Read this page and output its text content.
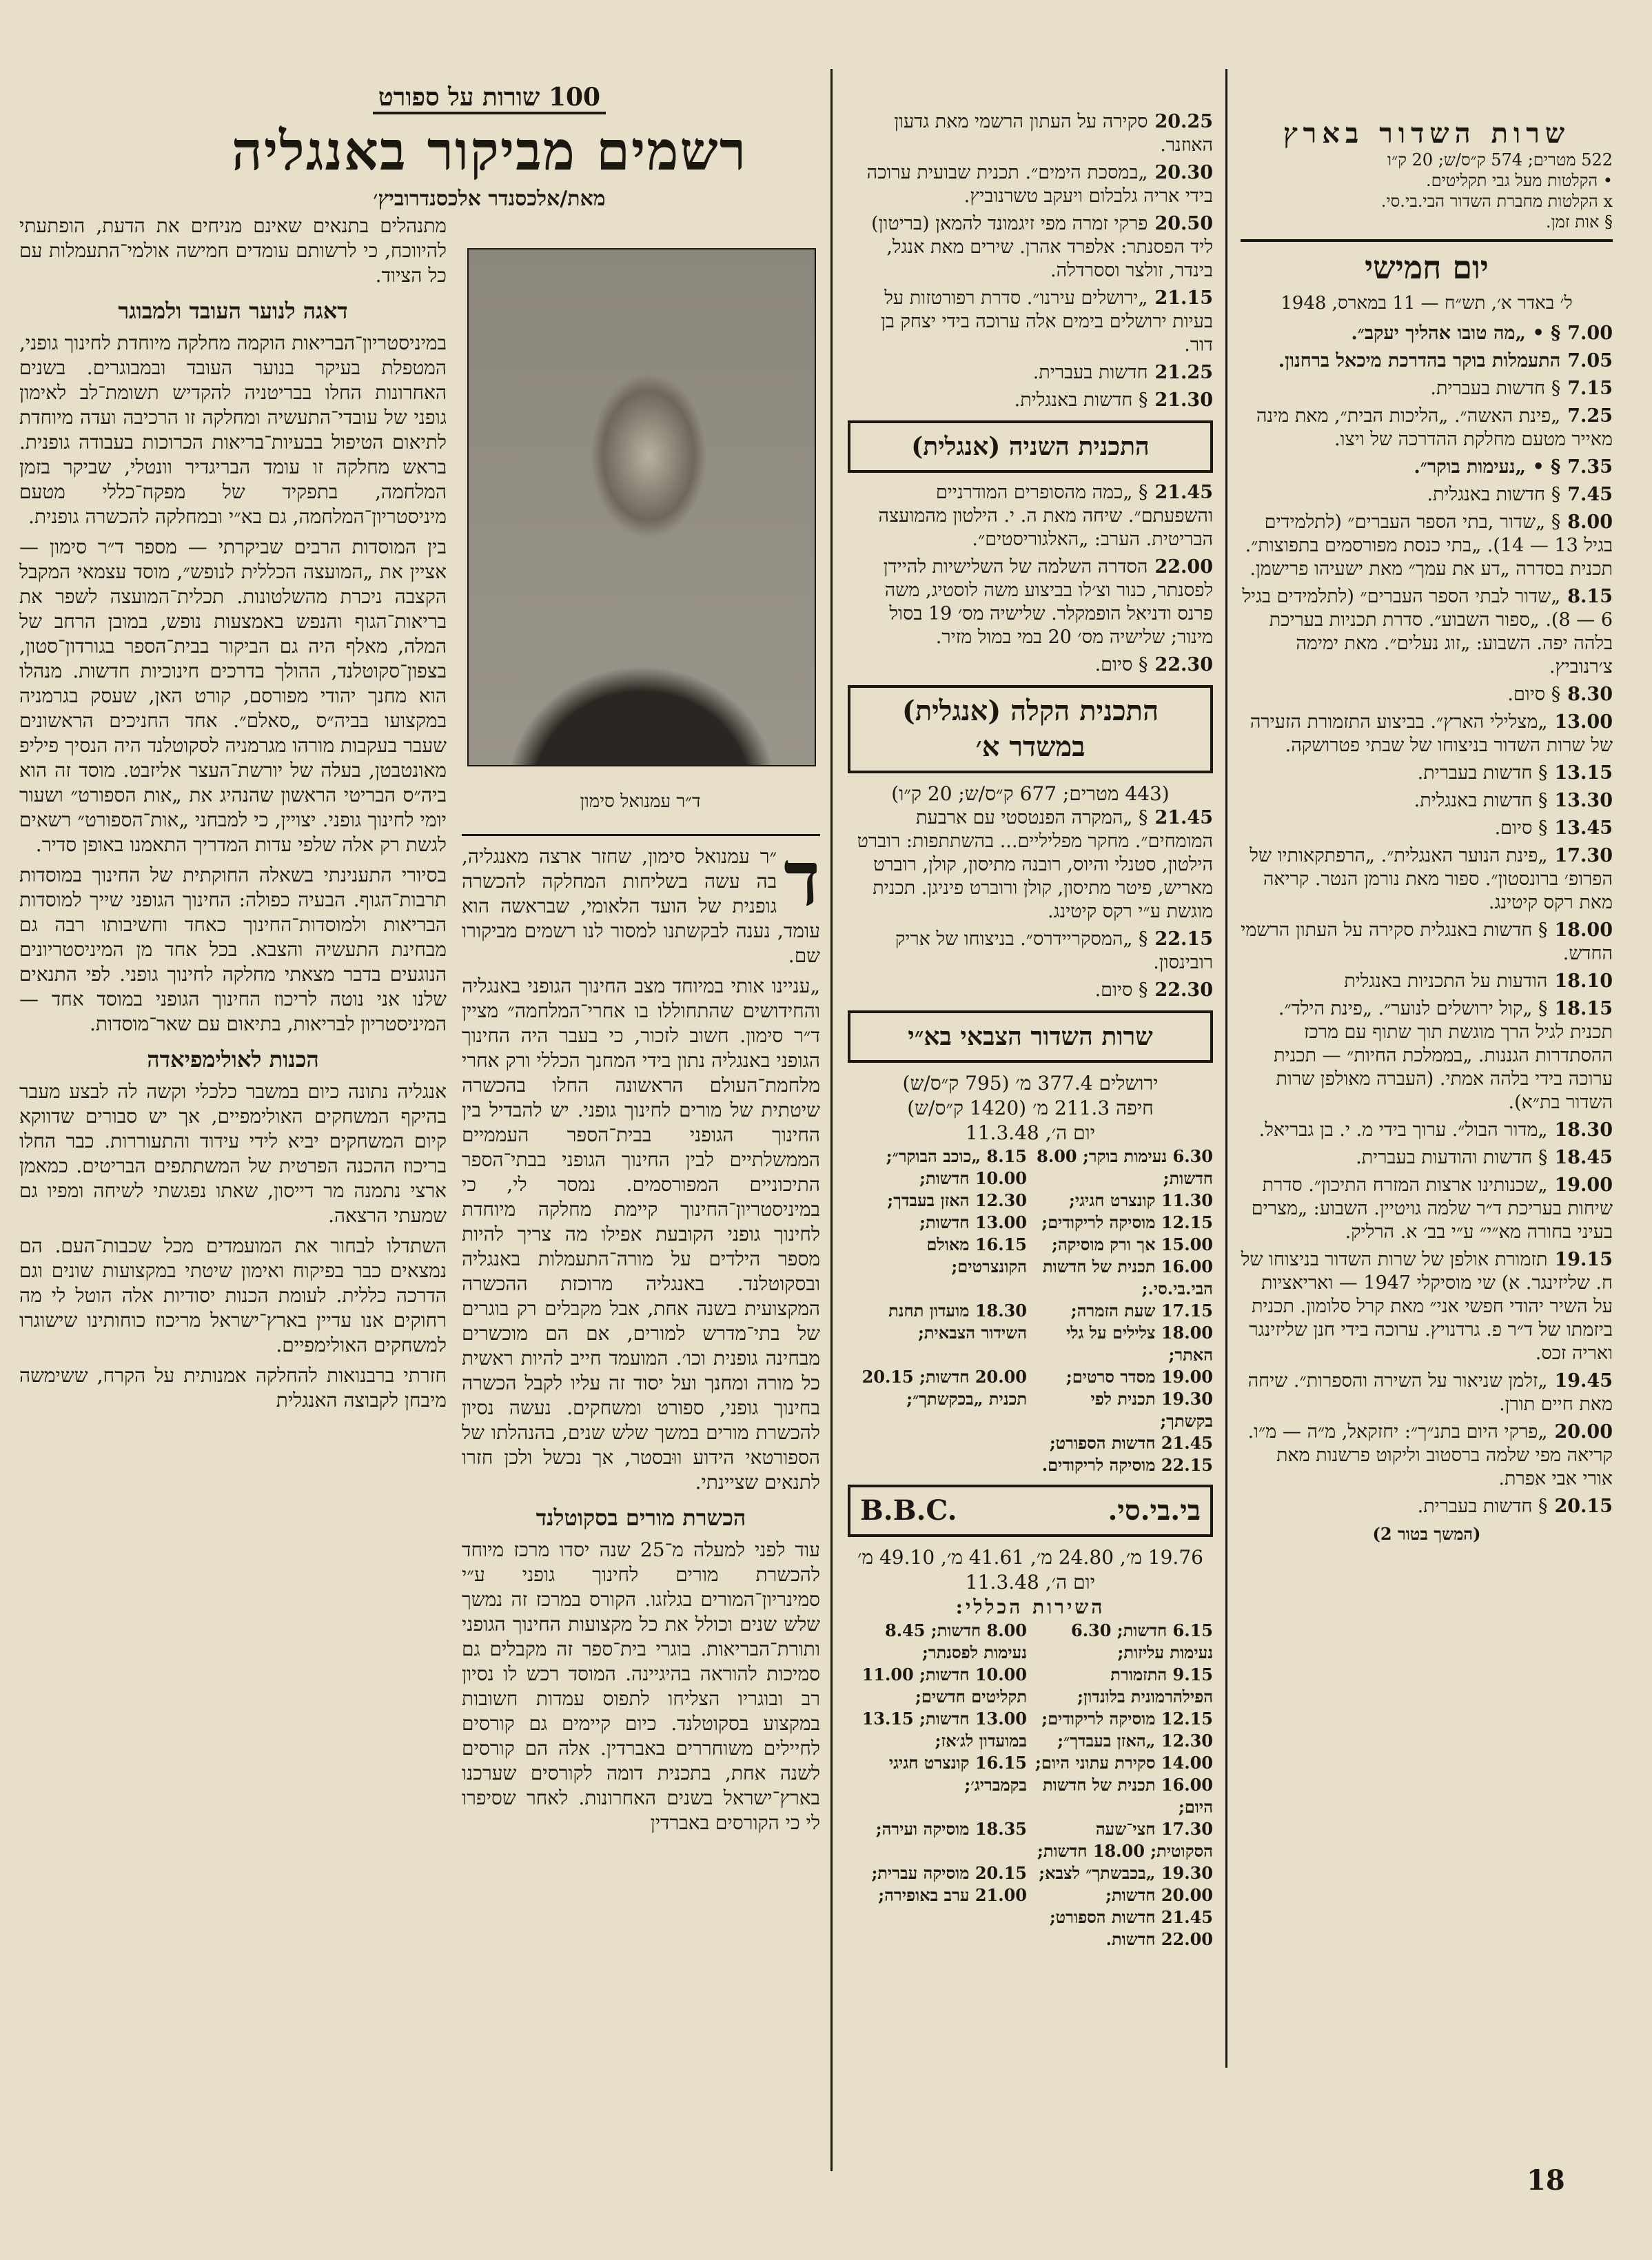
מתנהלים בתנאים שאינם מניחים את הדעת, הופתעתי להיווכח, כי לרשותם עומדים חמישה אולמי־התעמלות עם כל הציוד.

דאגה לנוער העובד ולמבוגר

במיניסטריון־הבריאות הוקמה מחלקה מיוחדת לחינוך גופני, המטפלת בעיקר בנוער העובד ובמבוגרים. בשנים האחרונות החלו בבריטניה להקדיש תשומת־לב לאימון גופני של עובדי־התעשיה ומחלקה זו הרכיבה ועדה מיוחדת לתיאום הטיפול בבעיות־בריאות הכרוכות בעבודה גופנית. בראש מחלקה זו עומד הבריגדיר וונטלי, שביקר בזמן המלחמה, בתפקיד של מפקח־כללי מטעם מיניסטריון־המלחמה, גם בא״י ובמחלקה להכשרה גופנית.

בין המוסדות הרבים שביקרתי — מספר ד״ר סימון — אציין את „המועצה הכללית לנופש״, מוסד עצמאי המקבל הקצבה ניכרת מהשלטונות. תכלית־המועצה לשפר את בריאות־הגוף והנפש באמצעות נופש, במובן הרחב של המלה, מאלף היה גם הביקור בבית־הספר בגורדון־סטון, בצפון־סקוטלנד, ההולך בדרכים חינוכיות חדשות. מנהלו הוא מחנך יהודי מפורסם, קורט האן, שעסק בגרמניה במקצועו בביה״ס „סאלם״. אחד החניכים הראשונים שעבר בעקבות מורהו מגרמניה לסקוטלנד היה הנסיך פיליפ מאונטבטן, בעלה של יורשת־העצר אליזבט. מוסד זה הוא ביה״ס הבריטי הראשון שהנהיג את „אות הספורט״ ושעור יומי לחינוך גופני. יצויין, כי למבחני „אות־הספורט״ רשאים לגשת רק אלה שלפי עדות המדריך התאמנו באופן סדיר.

בסיורי התענינתי בשאלה החוקתית של החינוך במוסדות תרבות־הגוף. הבעיה כפולה: החינוך הגופני שייך למוסדות הבריאות ולמוסדות־החינוך כאחד וחשיבותו רבה גם מבחינת התעשיה והצבא. בכל אחד מן המיניסטריונים הנוגעים בדבר מצאתי מחלקה לחינוך גופני. לפי התנאים שלנו אני נוטה לריכוז החינוך הגופני במוסד אחד — המיניסטריון לבריאות, בתיאום עם שאר־מוסדות.

הכנות לאולימפיאדה

אנגליה נתונה כיום במשבר כלכלי וקשה לה לבצע מעבר בהיקף המשחקים האולימפיים, אך יש סבורים שדווקא קיום המשחקים יביא לידי עידוד והתעוררות. כבר החלו בריכוז ההכנה הפרטית של המשתתפים הבריטים. כמאמן ארצי נתמנה מר דייסון, שאתו נפגשתי לשיחה ומפיו גם שמעתי הרצאה.

השתדלו לבחור את המועמדים מכל שכבות־העם. הם נמצאים כבר בפיקוח ואימון שיטתי במקצועות שונים וגם הדרכה כללית. לעומת הכנות יסודיות אלה הוטל לי מה רחוקים אנו עדיין בארץ־ישראל מריכוז כוחותינו שישוגרו למשחקים האולימפיים.

חזרתי ברבנואות להחלקה אמנותית על הקרח, ששימשה מיבחן לקבוצה האנגלית

100 שורות על ספורט
רשמים מביקור באנגליה
מאת/אלכסנדר אלכסנדרוביץ׳
ד״ר עמנואל סימון
ד

״ר עמנואל סימון, שחזר ארצה מאנגליה, בה עשה בשליחות המחלקה להכשרה גופנית של הועד הלאומי, שבראשה הוא עומד, נענה לבקשתנו למסור לנו רשמים מביקורו שם.

„עניינו אותי במיוחד מצב החינוך הגופני באנגליה והחידושים שהתחוללו בו אחרי־המלחמה״ מציין ד״ר סימון. חשוב לזכור, כי בעבר היה החינוך הגופני באנגליה נתון בידי המחנך הכללי ורק אחרי מלחמת־העולם הראשונה החלו בהכשרה שיטתית של מורים לחינוך גופני. יש להבדיל בין החינוך הגופני בבית־הספר העממיים הממשלתיים לבין החינוך הגופני בבתי־הספר התיכוניים המפורסמים. נמסר לי, כי במיניסטריון־החינוך קיימת מחלקה מיוחדת לחינוך גופני הקובעת אפילו מה צריך להיות מספר הילדים על מורה־התעמלות באנגליה ובסקוטלנד. באנגליה מרוכזת ההכשרה המקצועית בשנה אחת, אבל מקבלים רק בוגרים של בתי־מדרש למורים, אם הם מוכשרים מבחינה גופנית וכו׳. המועמד חייב להיות ראשית כל מורה ומחנך ועל יסוד זה עליו לקבל הכשרה בחינוך גופני, ספורט ומשחקים. נעשה נסיון להכשרת מורים במשך שלש שנים, בהנהלתו של הספורטאי הידוע ווּבסטר, אך נכשל ולכן חזרו לתנאים שציינתי.

הכשרת מורים בסקוטלנד

עוד לפני למעלה מ־25 שנה יסדו מרכז מיוחד להכשרת מורים לחינוך גופני ע״י סמינריון־המורים בגלזגו. הקורס במרכז זה נמשך שלש שנים וכולל את כל מקצועות החינוך הגופני ותורת־הבריאות. בוגרי בית־ספר זה מקבלים גם סמיכות להוראה בהיגיינה. המוסד רכש לו נסיון רב ובוגריו הצליחו לתפוס עמדות חשובות במקצוע בסקוטלנד. כיום קיימים גם קורסים לחיילים משוחררים באברדין. אלה הם קורסים לשנה אחת, בתכנית דומה לקורסים שערכנו בארץ־ישראל בשנים האחרונות. לאחר שסיפרו לי כי הקורסים באברדין

20.25סקירה על העתון הרשמי מאת גדעון האוזנר.
20.30„במסכת הימים״. תכנית שבועית ערוכה בידי אריה גלבלום ויעקב טשרנוביץ.
20.50פרקי זמרה מפי זיגמונד להמאן (בריטון) ליד הפסנתר: אלפרד אהרן. שירים מאת אנגל, בינדר, זולצר וססרדלה.
21.15„ירושלים עירנו״. סדרת רפורטזות על בעיות ירושלים בימים אלה ערוכה בידי יצחק בן דור.
21.25חדשות בעברית.
21.30§ חדשות באנגלית.
התכנית השניה (אנגלית)
21.45§ „כמה מהסופרים המודרניים והשפעתם״. שיחה מאת ה. י. הילטון מהמועצה הבריטית. הערב: „האלגוריסטים״.
22.00הסדרה השלמה של השלישיות להיידן לפסנתר, כנור וצ׳לו בביצוע משה לוסטיג, משה פרנס ודניאל הופמקלר. שלישיה מס׳ 19 בסול מינור; שלישיה מס׳ 20 במי במול מזיר.
22.30§ סיום.
התכנית הקלה (אנגלית) במשדר א׳
(443 מטרים; 677 ק״ס/ש; 20 ק״ו)
21.45§ „המקרה הפנטסטי עם ארבעת המומחים״. מחקר מפליליים... בהשתתפות: רוברט הילטון, סטנלי והיוס, רובנה מתיסון, קולן, רוברט מאריש, פיטר מתיסון, קולן ורוברט פיניגן. תכנית מוגשת ע״י רקס קיטינג.
22.15§ „המסקריידרס״. בניצוחו של אריק רובינסון.
22.30§ סיום.
שרות השדור הצבאי בא״י
ירושלים 377.4 מ׳ (795 ק״ס/ש)
חיפה 211.3 מ׳ (1420 ק״ס/ש)
יום ה׳, 11.3.48
6.30 נעימות בוקר; 8.00 חדשות;
8.15 „כוכב הבוקר״; 10.00 חדשות;
11.30 קונצרט חגיגי; 12.15 מוסיקה לריקודים;
12.30 האזן בעבדך; 13.00 חדשות;
15.00 אך ורק מוסיקה; 16.00 תכנית של חדשות הבי.בי.סי.;
16.15 מאולם הקונצרטים;
17.15 שעת הזמרה; 18.00 צלילים על גלי האתר;
18.30 מועדון תחנת השידור הצבאית;
19.00 מסדר סרטים; 19.30 תכנית לפי בקשתך;
20.00 חדשות; 20.15 תכנית „בכקשתך״;
21.45 חדשות הספורט; 22.15 מוסיקה לריקודים.
בי.בי.סי.
B.B.C.
19.76 מ׳, 24.80 מ׳, 41.61 מ׳, 49.10 מ׳
יום ה׳, 11.3.48
השירות הכללי:
6.15 חדשות; 6.30 נעימות עליזות;
8.00 חדשות; 8.45 נעימות לפסנתר;
9.15 התזמורת הפילהרמונית בלונדון;
10.00 חדשות; 11.00 תקליטים חדשים;
12.15 מוסיקה לריקודים; 12.30 „האזן בעבדך״;
13.00 חדשות; 13.15 במועדון לג׳אז;
14.00 סקירת עתוני היום; 16.00 תכנית של חדשות היום;
16.15 קונצרט חגיגי בקמבריג׳;
17.30 חצי־שעה הסקוטית; 18.00 חדשות;
18.35 מוסיקה ועירה;
19.30 „בכבשתך״ לצבא; 20.00 חדשות;
20.15 מוסיקה עברית; 21.00 ערב באופירה;
21.45 חדשות הספורט; 22.00 חדשות.
שרות השדור בארץ
522 מטרים; 574 ק״ס/ש; 20 ק״ו
• הקלטות מעל גבי תקליטים.
x הקלטות מחברת השדור הבי.בי.סי.
§ אות זמן.
יום חמישי
ל׳ באדר א׳, תש״ח — 11 במארס, 1948
7.00§ • „מה טובו אהליך יעקב״.
7.05התעמלות בוקר בהדרכת מיכאל ברחנון.
7.15§ חדשות בעברית.
7.25„פינת האשה״. „הליכות הבית״, מאת מינה מאייר מטעם מחלקת ההדרכה של ויצו.
7.35§ • „נעימות בוקר״.
7.45§ חדשות באנגלית.
8.00§ „שדור ,בתי הספר העברים״ (לתלמידים בגיל 13 — 14). „בתי כנסת מפורסמים בתפוצות״. תכנית בסדרה „דע את עמך״ מאת ישעיהו פרישמן.
8.15„שדור לבתי הספר העברים״ (לתלמידים בגיל 6 — 8). „ספור השבוע״. סדרת תכניות בעריכת בלהה יפה. השבוע: „זוג נעלים״. מאת ימימה צ׳רנוביץ.
8.30§ סיום.
13.00„מצלילי הארץ״. בביצוע התזמורת הזעירה של שרות השדור בניצוחו של שבתי פטרושקה.
13.15§ חדשות בעברית.
13.30§ חדשות באנגלית.
13.45§ סיום.
17.30„פינת הנוער האנגלית״. „הרפתקאותיו של הפרופ׳ ברונסטון״. ספור מאת נורמן הנטר. קריאה מאת רקס קיטינג.
18.00§ חדשות באנגלית סקירה על העתון הרשמי החדש.
18.10הודעות על התכניות באנגלית
18.15§ „קול ירושלים לנוער״. „פינת הילד״. תכנית לגיל הרך מוגשת תוך שתוף עם מרכז ההסתדרות הגננות. „בממלכת החיות״ — תכנית ערוכה בידי בלהה אמתי. (העברה מאולפן שרות השדור בת״א).
18.30„מדור הבול״. ערוך בידי מ. י. בן גבריאל.
18.45§ חדשות והודעות בעברית.
19.00„שכנותינו ארצות המזרח התיכון״. סדרת שיחות בעריכת ד״ר שלמה גויטיין. השבוע: „מצרים בעיני בחורה מא״י״ ע״י בב׳ א. הרליק.
19.15תזמורת אולפן של שרות השדור בניצוחו של ח. שליזינגר. א) שי מוסיקלי 1947 — ואריאציות על השיר יהודי חפשי אני״ מאת קרל סלומון. תכנית ביזמתו של ד״ר פ. גרדנויץ. ערוכה בידי חנן שליזינגר ואריה זכס.
19.45„זלמן שניאור על השירה והספרות״. שיחה מאת חיים תורן.
20.00„פרקי היום בתנ״ך״: יחזקאל, מ״ה — מ״ו. קריאה מפי שלמה ברסטוב וליקוט פרשנות מאת אורי אבי אפרת.
20.15§ חדשות בעברית.
(המשך בטור 2)
18
